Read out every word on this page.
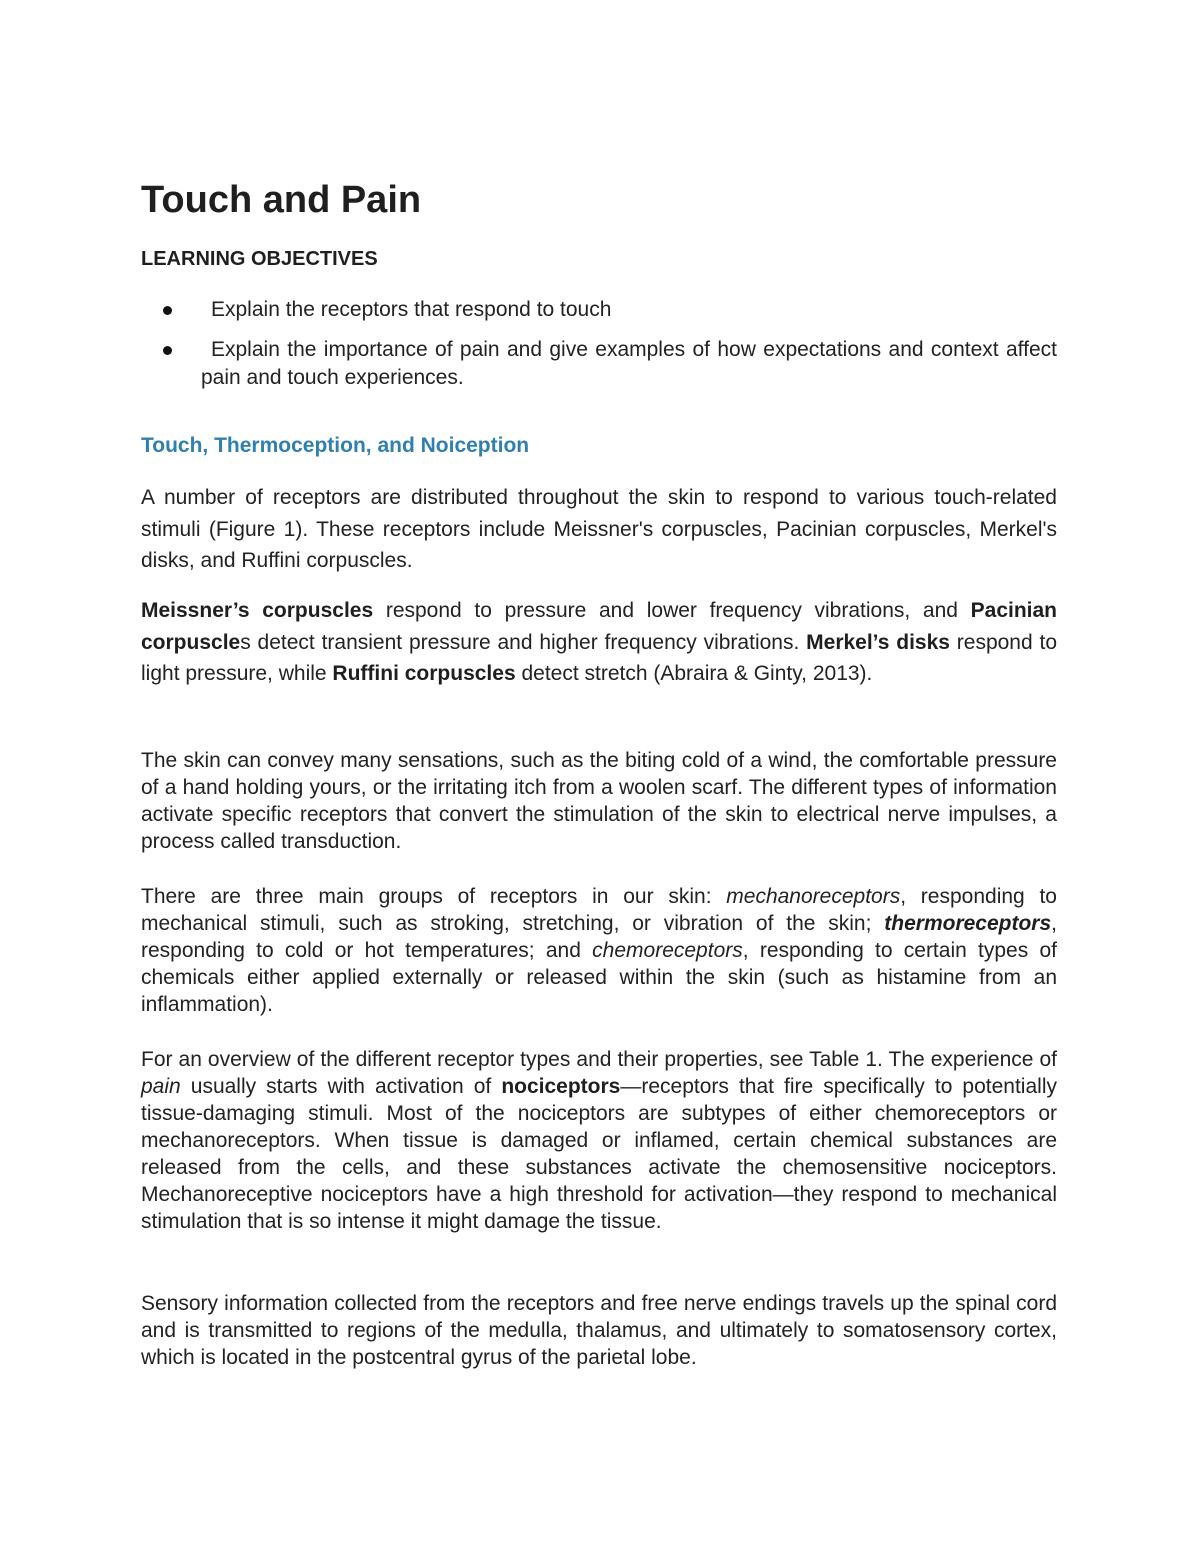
Touch and Pain
LEARNING OBJECTIVES
Explain the receptors that respond to touch
Explain the importance of pain and give examples of how expectations and context affect pain and touch experiences.
Touch, Thermoception, and Noiception

A number of receptors are distributed throughout the skin to respond to various touch-related stimuli (Figure 1). These receptors include Meissner's corpuscles, Pacinian corpuscles, Merkel's disks, and Ruffini corpuscles.

Meissner’s corpuscles respond to pressure and lower frequency vibrations, and Pacinian corpuscles detect transient pressure and higher frequency vibrations. Merkel’s disks respond to light pressure, while Ruffini corpuscles detect stretch (Abraira & Ginty, 2013).

The skin can convey many sensations, such as the biting cold of a wind, the comfortable pressure of a hand holding yours, or the irritating itch from a woolen scarf. The different types of information activate specific receptors that convert the stimulation of the skin to electrical nerve impulses, a process called transduction.

There are three main groups of receptors in our skin: mechanoreceptors, responding to mechanical stimuli, such as stroking, stretching, or vibration of the skin; thermoreceptors, responding to cold or hot temperatures; and chemoreceptors, responding to certain types of chemicals either applied externally or released within the skin (such as histamine from an inflammation).

For an overview of the different receptor types and their properties, see Table 1. The experience of pain usually starts with activation of nociceptors—receptors that fire specifically to potentially tissue-damaging stimuli. Most of the nociceptors are subtypes of either chemoreceptors or mechanoreceptors. When tissue is damaged or inflamed, certain chemical substances are released from the cells, and these substances activate the chemosensitive nociceptors. Mechanoreceptive nociceptors have a high threshold for activation—they respond to mechanical stimulation that is so intense it might damage the tissue.

Sensory information collected from the receptors and free nerve endings travels up the spinal cord and is transmitted to regions of the medulla, thalamus, and ultimately to somatosensory cortex, which is located in the postcentral gyrus of the parietal lobe.
